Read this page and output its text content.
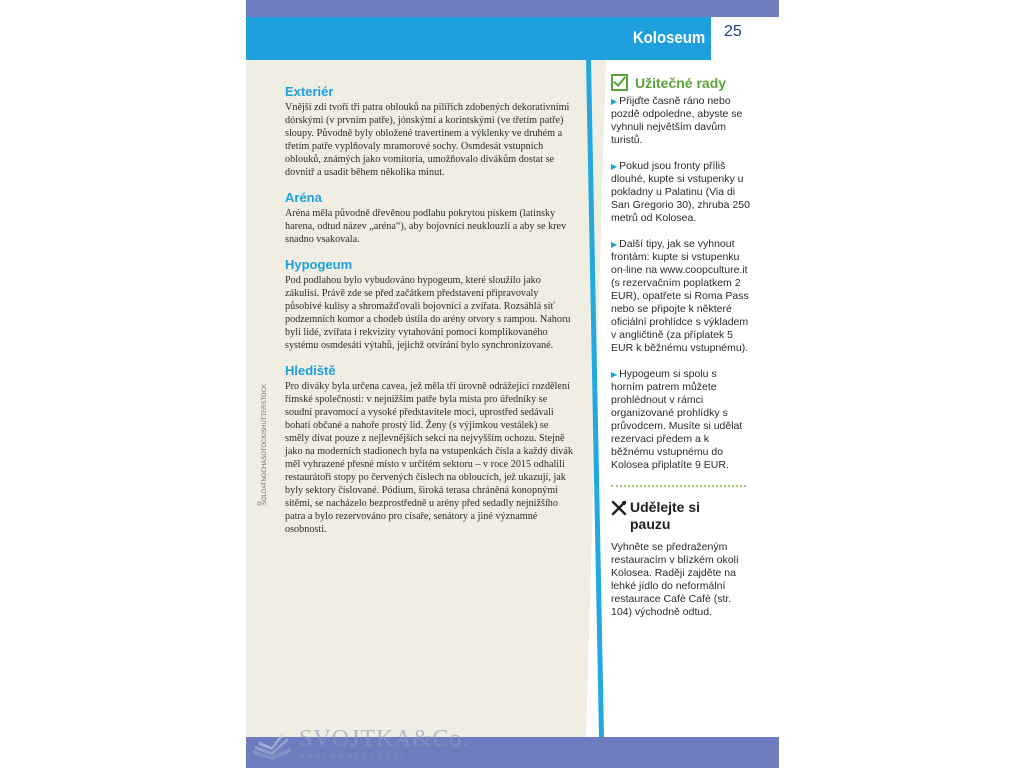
Koloseum 25
© SOLDATNOCHASOTOCK/SHUTTERSTOCK
Exteriér

Vnější zdi tvoří tři patra oblouků na pilířích zdobených dekorativními dórskými (v prvním patře), jónskými a korintskými (ve třetím patře) sloupy. Původně byly obložené travertinem a výklenky ve druhém a třetím patře vyplňovaly mramorové sochy. Osmdesát vstupních oblouků, známých jako vomitoria, umožňovalo divákům dostat se dovnitř a usadit během několika minut.

Aréna

Aréna měla původně dřevěnou podlahu pokrytou pískem (latinsky harena, odtud název „aréna“), aby bojovníci neuklouzli a aby se krev snadno vsakovala.

Hypogeum

Pod podlahou bylo vybudováno hypogeum, které sloužilo jako zákulisí. Právě zde se před začátkem představení připravovaly působivé kulisy a shromažďovali bojovníci a zvířata. Rozsáhlá síť podzemních komor a chodeb ústila do arény otvory s rampou. Nahoru byli lidé, zvířata i rekvizity vytahováni pomocí komplikovaného systému osmdesáti výtahů, jejichž otvírání bylo synchronizované.

Hlediště

Pro diváky byla určena cavea, jež měla tři úrovně odrážející rozdělení římské společnosti: v nejnižším patře byla místa pro úředníky se soudní pravomocí a vysoké představitele moci, uprostřed sedávali bohatí občané a nahoře prostý lid. Ženy (s výjimkou vestálek) se směly dívat pouze z nejlevnějších sekcí na nejvyšším ochozu. Stejně jako na moderních stadionech byla na vstupenkách čísla a každý divák měl vyhrazené přesné místo v určitém sektoru – v roce 2015 odhalili restaurátoři stopy po červených číslech na obloucích, jež ukazují, jak byly sektory číslované. Pódium, široká terasa chráněná konopnými sítěmi, se nacházelo bezprostředně u arény před sedadly nejnižšího patra a bylo rezervováno pro císaře, senátory a jiné významné osobnosti.

Užitečné rady
▶ Přijďte časně ráno nebo pozdě odpoledne, abyste se vyhnuli největším davům turistů.
▶ Pokud jsou fronty příliš dlouhé, kupte si vstupenky u pokladny u Palatinu (Via di San Gregorio 30), zhruba 250 metrů od Kolosea.
▶ Další tipy, jak se vyhnout frontám: kupte si vstupenku on-line na www.coopculture.it (s rezervačním poplatkem 2 EUR), opatřete si Roma Pass nebo se připojte k některé oficiální prohlídce s výkladem v angličtině (za příplatek 5 EUR k běžnému vstupnému).
▶ Hypogeum si spolu s horním patrem můžete prohlédnout v rámci organizované prohlídky s průvodcem. Musíte si udělat rezervaci předem a k běžnému vstupnému do Kolosea připlatíte 9 EUR.
Udělejte si pauzu
Vyhněte se předraženým restauracím v blízkém okolí Kolosea. Raději zajděte na lehké jídlo do neformální restaurace Cafè Cafè (str. 104) východně odtud.
SVOJTKA&Co.
NAKLADATELSTVÍ
